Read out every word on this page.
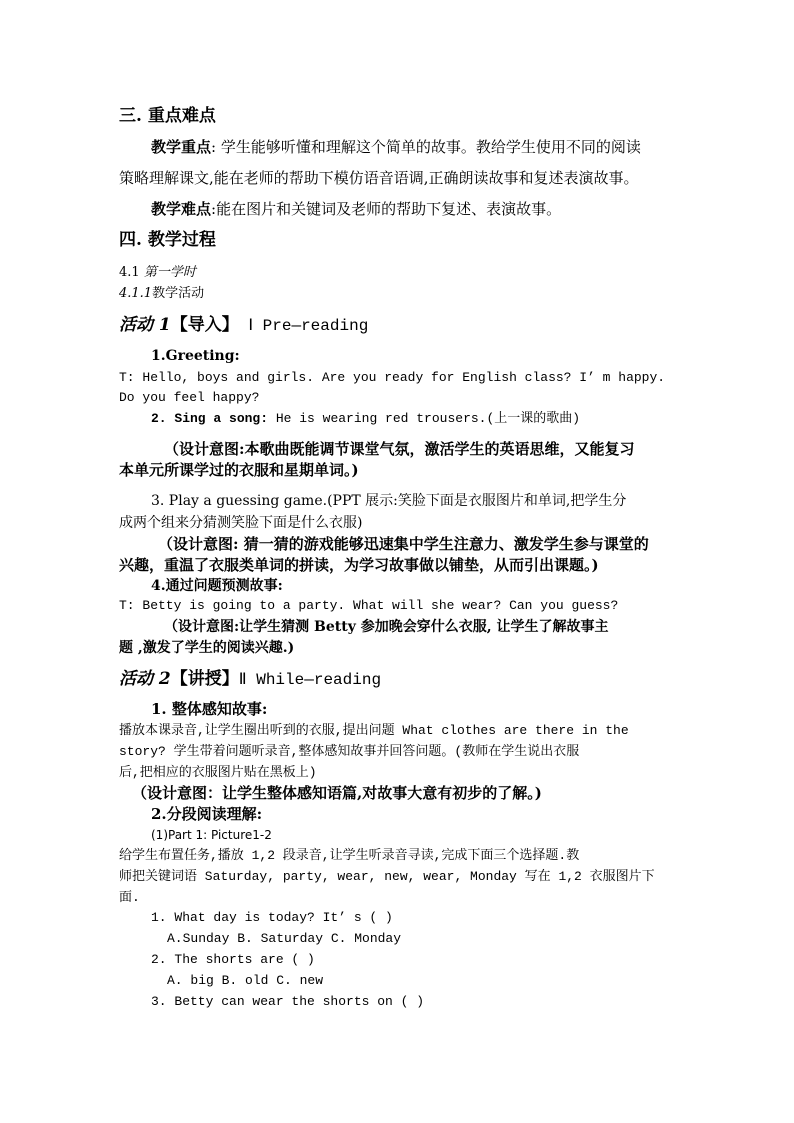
三. 重点难点
教学重点: 学生能够听懂和理解这个简单的故事。教给学生使用不同的阅读
策略理解课文,能在老师的帮助下模仿语音语调,正确朗读故事和复述表演故事。
教学难点:能在图片和关键词及老师的帮助下复述、表演故事。
四. 教学过程
4.1 第一学时
4.1.1教学活动
活动 1【导入】 Ⅰ Pre—reading
1.Greeting:
T: Hello, boys and girls. Are you ready for English class? I’ m happy.
Do you feel happy?
2. Sing a song: He is wearing red trousers.(上一课的歌曲)
（设计意图:本歌曲既能调节课堂气氛，激活学生的英语思维，又能复习
本单元所课学过的衣服和星期单词。)
3. Play a guessing game.(PPT 展示:笑脸下面是衣服图片和单词,把学生分
成两个组来分猜测笑脸下面是什么衣服)
（设计意图: 猜一猜的游戏能够迅速集中学生注意力、激发学生参与课堂的
兴趣，重温了衣服类单词的拼读，为学习故事做以铺垫，从而引出课题。)
4.通过问题预测故事:
T: Betty is going to a party. What will she wear? Can you guess?
（设计意图:让学生猜测 Betty 参加晚会穿什么衣服, 让学生了解故事主
题 ,激发了学生的阅读兴趣.)
活动 2【讲授】Ⅱ While—reading
1. 整体感知故事:
播放本课录音,让学生圈出听到的衣服,提出问题 What clothes are there in the
story? 学生带着问题听录音,整体感知故事并回答问题。(教师在学生说出衣服
后,把相应的衣服图片贴在黑板上)
（设计意图：让学生整体感知语篇,对故事大意有初步的了解。)
2.分段阅读理解:
(1)Part 1: Picture1-2
给学生布置任务,播放 1,2 段录音,让学生听录音寻读,完成下面三个选择题.教
师把关键词语 Saturday, party, wear, new, wear, Monday 写在 1,2 衣服图片下
面.
1. What day is today? It’ s ( )
A.Sunday B. Saturday C. Monday
2. The shorts are ( )
A. big B. old C. new
3. Betty can wear the shorts on ( )
